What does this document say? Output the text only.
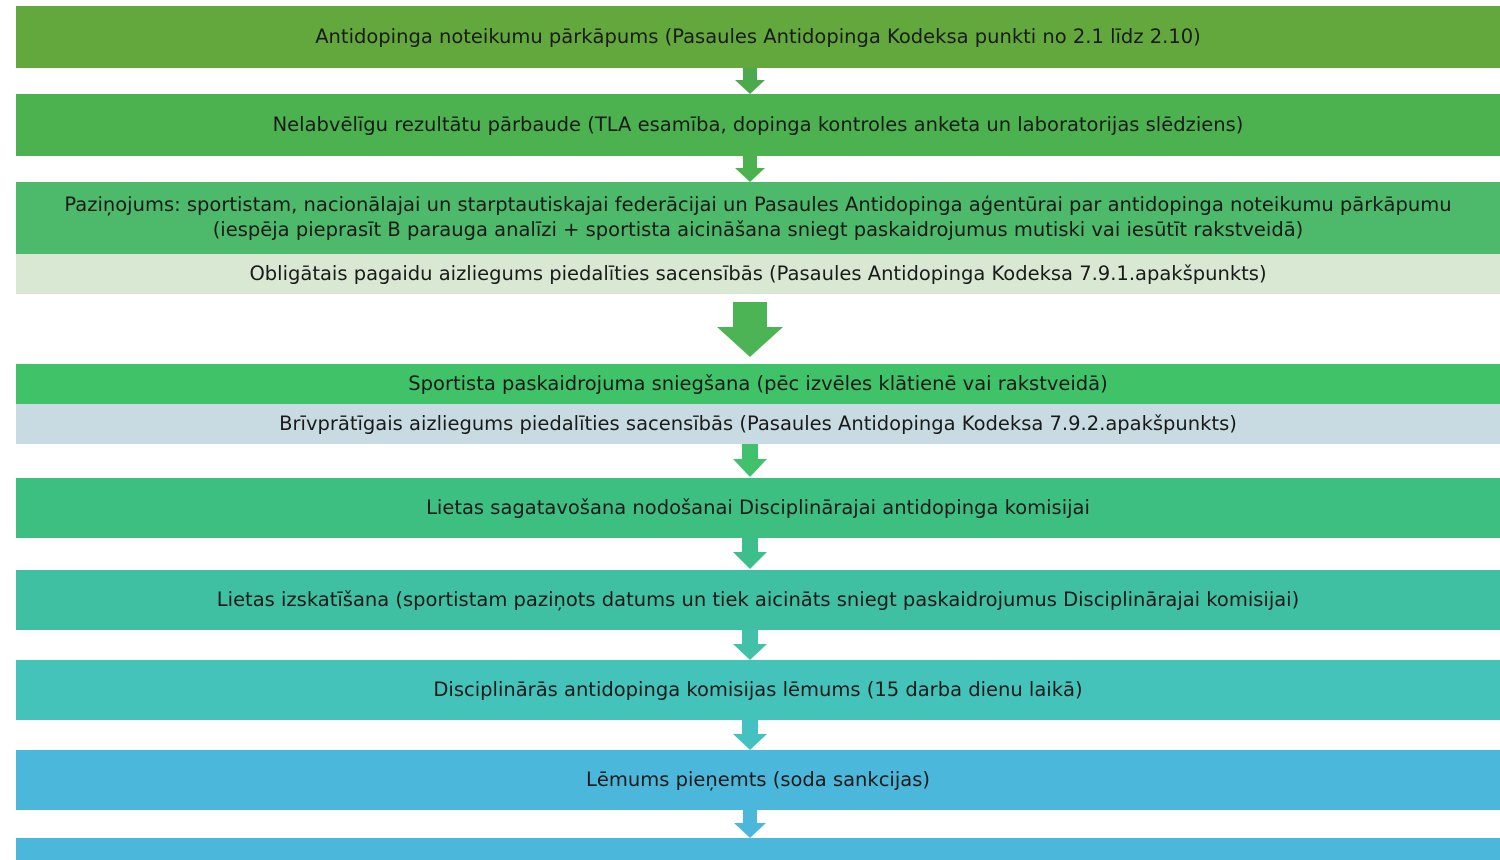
Antidopinga noteikumu pārkāpums (Pasaules Antidopinga Kodeksa punkti no 2.1 līdz 2.10)
Nelabvēlīgu rezultātu pārbaude (TLA esamība, dopinga kontroles anketa un laboratorijas slēdziens)
Paziņojums: sportistam, nacionālajai un starptautiskajai federācijai un Pasaules Antidopinga aģentūrai par antidopinga noteikumu pārkāpumu (iespēja pieprasīt B parauga analīzi + sportista aicināšana sniegt paskaidrojumus mutiski vai iesūtīt rakstveidā)
Obligātais pagaidu aizliegums piedalīties sacensībās (Pasaules Antidopinga Kodeksa 7.9.1.apakšpunkts)
Sportista paskaidrojuma sniegšana (pēc izvēles klātienē vai rakstveidā)
Brīvprātīgais aizliegums piedalīties sacensībās (Pasaules Antidopinga Kodeksa 7.9.2.apakšpunkts)
Lietas sagatavošana nodošanai Disciplinārajai antidopinga komisijai
Lietas izskatīšana (sportistam paziņots datums un tiek aicināts sniegt paskaidrojumus Disciplinārajai komisijai)
Disciplinārās antidopinga komisijas lēmums (15 darba dienu laikā)
Lēmums pieņemts (soda sankcijas)
